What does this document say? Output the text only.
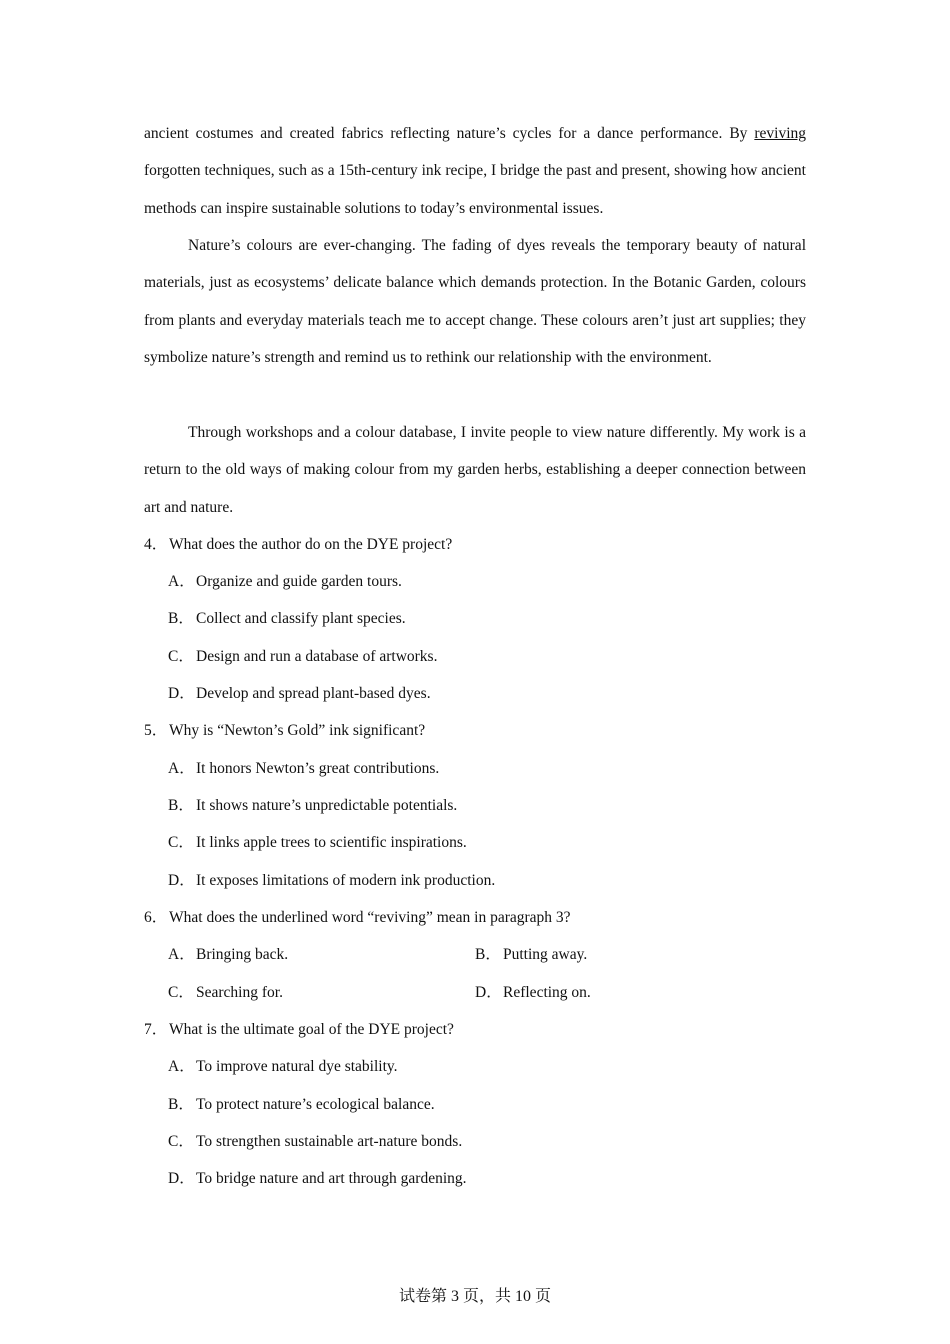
ancient costumes and created fabrics reflecting nature’s cycles for a dance performance. By reviving forgotten techniques, such as a 15th-century ink recipe, I bridge the past and present, showing how ancient methods can inspire sustainable solutions to today’s environmental issues.

Nature’s colours are ever-changing. The fading of dyes reveals the temporary beauty of natural materials, just as ecosystems’ delicate balance which demands protection. In the Botanic Garden, colours from plants and everyday materials teach me to accept change. These colours aren’t just art supplies; they symbolize nature’s strength and remind us to rethink our relationship with the environment.

Through workshops and a colour database, I invite people to view nature differently. My work is a return to the old ways of making colour from my garden herbs, establishing a deeper connection between art and nature.

4． What does the author do on the DYE project?
A．Organize and guide garden tours.
B． Collect and classify plant species.
C． Design and run a database of artworks.
D．Develop and spread plant-based dyes.
5． Why is “Newton’s Gold” ink significant?
A．It honors Newton’s great contributions.
B． It shows nature’s unpredictable potentials.
C． It links apple trees to scientific inspirations.
D．It exposes limitations of modern ink production.
6． What does the underlined word “reviving” mean in paragraph 3?
A．Bringing back.	B． Putting away.
C． Searching for.	D．Reflecting on.
7． What is the ultimate goal of the DYE project?
A．To improve natural dye stability.
B． To protect nature’s ecological balance.
C． To strengthen sustainable art-nature bonds.
D．To bridge nature and art through gardening.
试卷第 3 页，共 10 页
